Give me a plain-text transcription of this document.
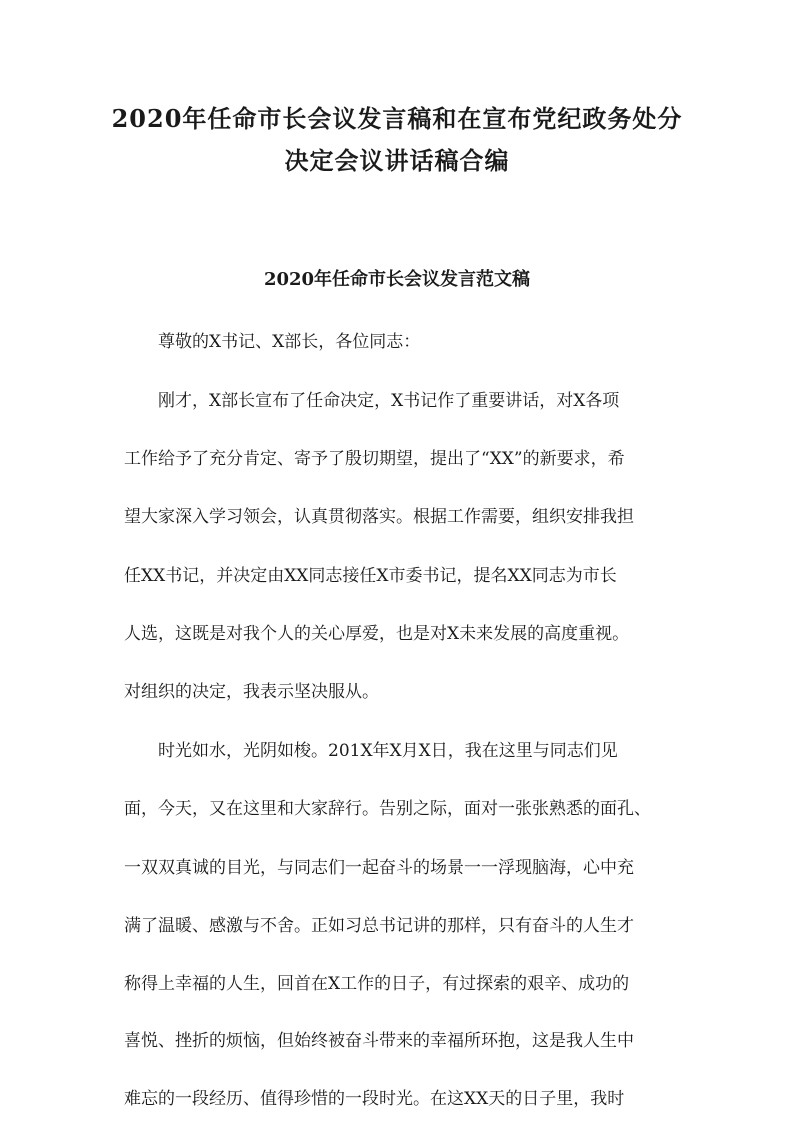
2020年任命市长会议发言稿和在宣布党纪政务处分
决定会议讲话稿合编
2020年任命市长会议发言范文稿

尊敬的X书记、X部长，各位同志：

刚才，X部长宣布了任命决定，X书记作了重要讲话，对X各项

工作给予了充分肯定、寄予了殷切期望，提出了“XX”的新要求，希

望大家深入学习领会，认真贯彻落实。根据工作需要，组织安排我担

任XX书记，并决定由XX同志接任X市委书记，提名XX同志为市长

人选，这既是对我个人的关心厚爱，也是对X未来发展的高度重视。

对组织的决定，我表示坚决服从。

时光如水，光阴如梭。201X年X月X日，我在这里与同志们见

面，今天，又在这里和大家辞行。告别之际，面对一张张熟悉的面孔、

一双双真诚的目光，与同志们一起奋斗的场景一一浮现脑海，心中充

满了温暖、感激与不舍。正如习总书记讲的那样，只有奋斗的人生才

称得上幸福的人生，回首在X工作的日子，有过探索的艰辛、成功的

喜悦、挫折的烦恼，但始终被奋斗带来的幸福所环抱，这是我人生中

难忘的一段经历、值得珍惜的一段时光。在这XX天的日子里，我时
